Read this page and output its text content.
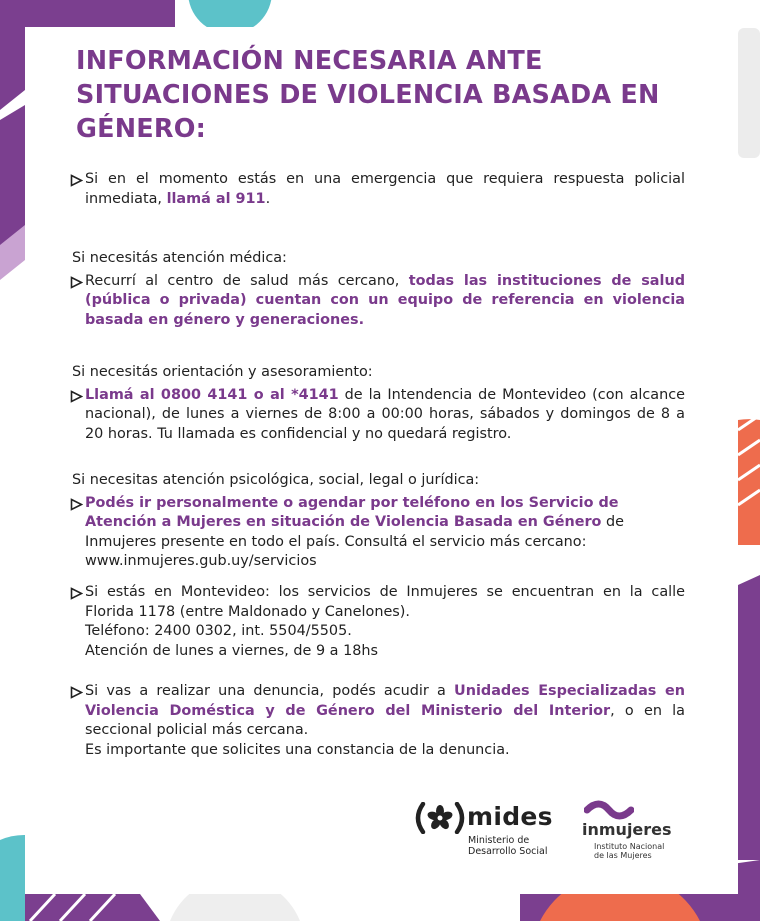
INFORMACIÓN NECESARIA ANTE SITUACIONES DE VIOLENCIA BASADA EN GÉNERO:
Si en el momento estás en una emergencia que requiera respuesta policial inmediata, llamá al 911.

Si necesitás atención médica:

Recurrí al centro de salud más cercano, todas las instituciones de salud (pública o privada) cuentan con un equipo de referencia en violencia basada en género y generaciones.

Si necesitás orientación y asesoramiento:

Llamá al 0800 4141 o al *4141 de la Intendencia de Montevideo (con alcance nacional), de lunes a viernes de 8:00 a 00:00 horas, sábados y domingos de 8 a 20 horas. Tu llamada es confidencial y no quedará registro.

Si necesitas atención psicológica, social, legal o jurídica:

Podés ir personalmente o agendar por teléfono en los Servicio de Atención a Mujeres en situación de Violencia Basada en Género de Inmujeres presente en todo el país. Consultá el servicio más cercano: www.inmujeres.gub.uy/servicios
Si estás en Montevideo: los servicios de Inmujeres se encuentran en la calle Florida 1178 (entre Maldonado y Canelones).
Teléfono: 2400 0302, int. 5504/5505.
Atención de lunes a viernes, de 9 a 18hs
Si vas a realizar una denuncia, podés acudir a Unidades Especializadas en Violencia Doméstica y de Género del Ministerio del Interior, o en la seccional policial más cercana.
Es importante que solicites una constancia de la denuncia.
mides
Ministerio de
Desarrollo Social
inmujeres
Instituto Nacional
de las Mujeres
